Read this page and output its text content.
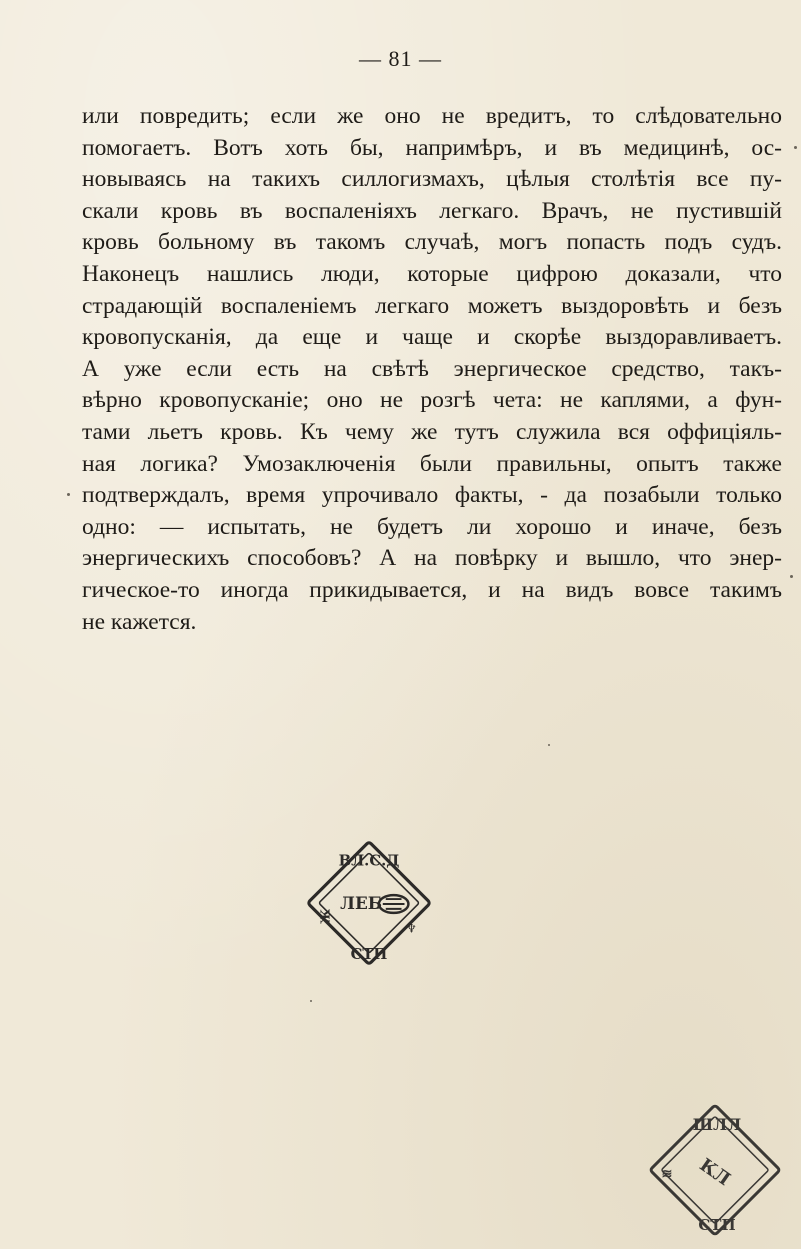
— 81 —
или повредить; если же оно не вредитъ, то слѣдовательно
помогаетъ. Вотъ хоть бы, напримѣръ, и въ медицинѣ, ос-
новываясь на такихъ силлогизмахъ, цѣлыя столѣтія все пу-
скали кровь въ воспаленіяхъ легкаго. Врачъ, не пустившій
кровь больному въ такомъ случаѣ, могъ попасть подъ судъ.
Наконецъ нашлись люди, которые цифрою доказали, что
страдающій воспаленіемъ легкаго можетъ выздоровѣть и безъ
кровопусканія, да еще и чаще и скорѣе выздоравливаетъ.
А уже если есть на свѣтѣ энергическое средство, такъ-
вѣрно кровопусканіе; оно не розгѣ чета: не каплями, а фун-
тами льетъ кровь. Къ чему же тутъ служила вся оффиціяль-
ная логика? Умозаключенія были правильны, опытъ также
подтверждалъ, время упрочивало факты, - да позабыли только
одно: — испытать, не будетъ ли хорошо и иначе, безъ
энергическихъ способовъ? А на повѣрку и вышло, что энер-
гическое-то иногда прикидывается, и на видъ вовсе такимъ
не кажется.
ВЛ.С.Д
ЛЕБ
СТП
Ж
♆
ШЛЛ
КЛ
СТП
≋
